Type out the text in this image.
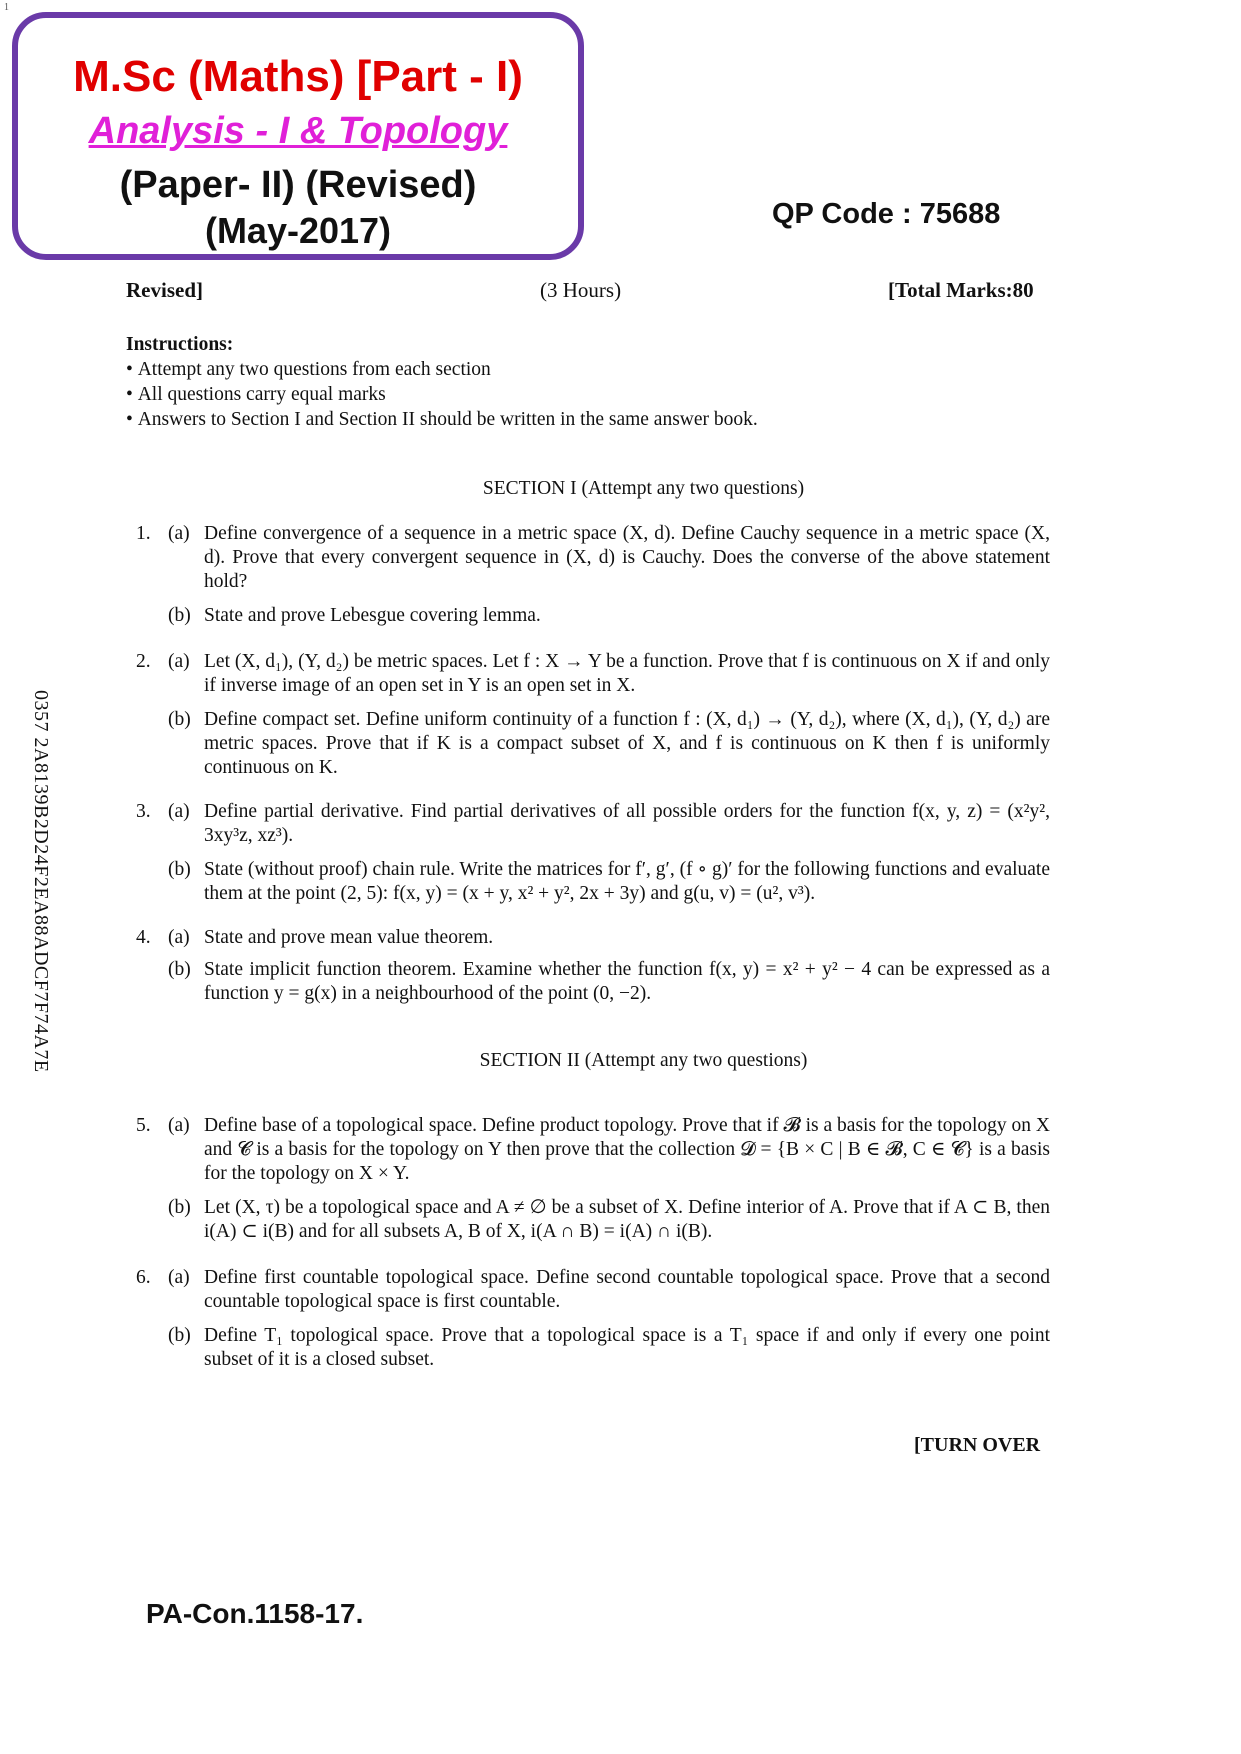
1
M.Sc (Maths) [Part - I)
Analysis - I & Topology
(Paper- II) (Revised)
(May-2017)	QP Code : 75688
Revised]	(3 Hours)	[Total Marks:80
Instructions:
• Attempt any two questions from each section
• All questions carry equal marks
• Answers to Section I and Section II should be written in the same answer book.
SECTION I (Attempt any two questions)
1. (a) Define convergence of a sequence in a metric space (X, d). Define Cauchy sequence in a metric space (X, d). Prove that every convergent sequence in (X, d) is Cauchy. Does the converse of the above statement hold?
(b) State and prove Lebesgue covering lemma.
2. (a) Let (X, d₁), (Y, d₂) be metric spaces. Let f : X → Y be a function. Prove that f is continuous on X if and only if inverse image of an open set in Y is an open set in X.
(b) Define compact set. Define uniform continuity of a function f : (X, d₁) → (Y, d₂), where (X, d₁), (Y, d₂) are metric spaces. Prove that if K is a compact subset of X, and f is continuous on K then f is uniformly continuous on K.
3. (a) Define partial derivative. Find partial derivatives of all possible orders for the function f(x, y, z) = (x²y², 3xy³z, xz³).
(b) State (without proof) chain rule. Write the matrices for f′, g′, (f ∘ g)′ for the following functions and evaluate them at the point (2, 5): f(x, y) = (x + y, x² + y², 2x + 3y) and g(u, v) = (u², v³).
4. (a) State and prove mean value theorem.
(b) State implicit function theorem. Examine whether the function f(x, y) = x² + y² − 4 can be expressed as a function y = g(x) in a neighbourhood of the point (0, −2).
SECTION II (Attempt any two questions)
5. (a) Define base of a topological space. Define product topology. Prove that if 𝓑 is a basis for the topology on X and 𝓒 is a basis for the topology on Y then prove that the collection 𝓓 = {B × C | B ∈ 𝓑, C ∈ 𝓒} is a basis for the topology on X × Y.
(b) Let (X, τ) be a topological space and A ≠ ∅ be a subset of X. Define interior of A. Prove that if A ⊂ B, then i(A) ⊂ i(B) and for all subsets A, B of X, i(A ∩ B) = i(A) ∩ i(B).
6. (a) Define first countable topological space. Define second countable topological space. Prove that a second countable topological space is first countable.
(b) Define T₁ topological space. Prove that a topological space is a T₁ space if and only if every one point subset of it is a closed subset.
0357 2A8139B2D24F2EA88ADCF7F74A7E
[TURN OVER
PA-Con.1158-17.
